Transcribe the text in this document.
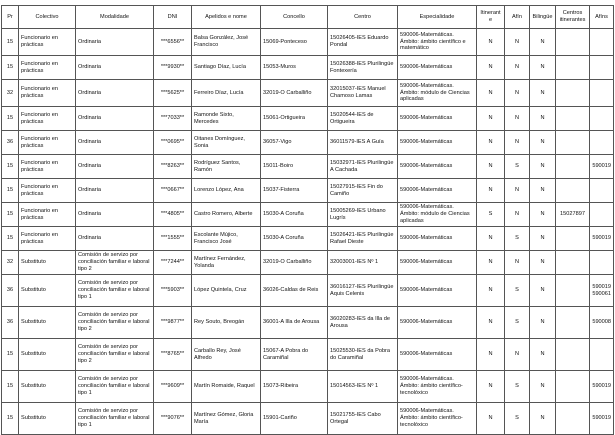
Pr	Colectivo	Modalidade	DNI	Apelidos e nome	Concello	Centro	Especialidade	Itinerante	Afín	Bilingüe	Centros itinerantes	Afíns
15	Funcionario en prácticas	Ordinaria	***6556**	Balsa González, José Francisco	15069-Ponteceso	15026405-IES Eduardo Pondal	590006-Matemáticas. Ámbito: ámbito científico e matemático	N	N	N		
15	Funcionario en prácticas	Ordinaria	***9930**	Santiago Díaz, Lucía	15053-Muros	15026388-IES Plurilingüe Fontexería	590006-Matemáticas	N	N	N		
32	Funcionario en prácticas	Ordinaria	***5625**	Ferreiro Díaz, Lucía	32019-O Carballiño	32015037-IES Manuel Chamoso Lamas	590006-Matemáticas. Ámbito: módulo de Ciencias aplicadas	N	N	N		
15	Funcionario en prácticas	Ordinaria	***7033**	Ramonde Sixto, Mercedes	15061-Ortigueira	15020544-IES de Ortigueira	590006-Matemáticas	N	N	N		
36	Funcionario en prácticas	Ordinaria	***0695**	Oitanes Domínguez, Sonia	36057-Vigo	36011579-IES A Guía	590006-Matemáticas	N	N	N		
15	Funcionario en prácticas	Ordinaria	***8263**	Rodríguez Santos, Ramón	15011-Boiro	15032971-IES Plurilingüe A Cachada	590006-Matemáticas	N	S	N		590019
15	Funcionario en prácticas	Ordinaria	***0667**	Lorenzo López, Ana	15037-Fisterra	15027915-IES Fin do Camiño	590006-Matemáticas	N	N	N		
15	Funcionario en prácticas	Ordinaria	***4805**	Castro Romero, Alberte	15030-A Coruña	15005269-IES Urbano Lugrís	590006-Matemáticas. Ámbito: módulo de Ciencias aplicadas	S	N	N	15027897	
15	Funcionario en prácticas	Ordinaria	***1555**	Escolante Mújico, Francisco José	15030-A Coruña	15026421-IES Plurilingüe Rafael Dieste	590006-Matemáticas	N	S	N		590019
32	Substituto	Comisión de servizo por conciliación familiar e laboral tipo 2	***7244**	Martínez Fernández, Yolanda	32019-O Carballiño	32003001-IES Nº 1	590006-Matemáticas	N	N	N		
36	Substituto	Comisión de servizo por conciliación familiar e laboral tipo 1	***5903**	López Quintela, Cruz	36026-Caldas de Reis	36016127-IES Plurilingüe Aquis Celenis	590006-Matemáticas	N	S	N		590019 590061
36	Substituto	Comisión de servizo por conciliación familiar e laboral tipo 2	***9877**	Rey Souto, Breogán	36001-A Illa de Arousa	36020283-IES da Illa de Arousa	590006-Matemáticas	N	S	N		590008
15	Substituto	Comisión de servizo por conciliación familiar e laboral tipo 2	***8765**	Carballo Rey, José Alfredo	15067-A Pobra do Caramiñal	15025530-IES da Pobra do Caramiñal	590006-Matemáticas	N	N	N		
15	Substituto	Comisión de servizo por conciliación familiar e laboral tipo 1	***9609**	Martín Romaide, Raquel	15073-Ribeira	15014563-IES Nº 1	590006-Matemáticas. Ámbito: ámbito científico-tecnolóxico	N	S	N		590019
15	Substituto	Comisión de servizo por conciliación familiar e laboral tipo 1	***9076**	Martínez Gómez, Gloria María	15901-Cariño	15021755-IES Cabo Ortegal	590006-Matemáticas. Ámbito: ámbito científico-tecnolóxico	N	S	N		590019
